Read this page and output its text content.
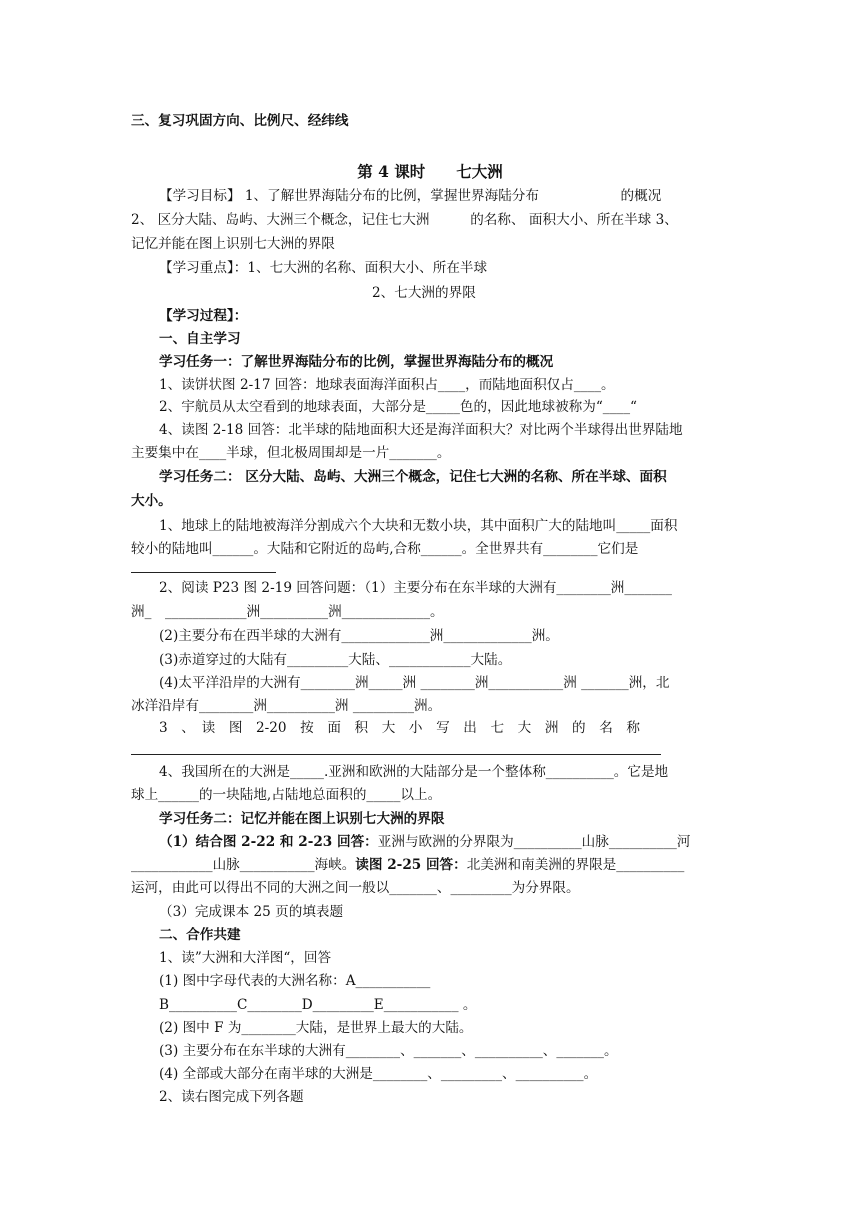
三、复习巩固方向、比例尺、经纬线
第 4 课时　　七大洲
【学习目标】 1、了解世界海陆分布的比例，掌握世界海陆分布　　　　　　的概况
2、 区分大陆、岛屿、大洲三个概念，记住七大洲　　　的名称、 面积大小、所在半球 3、
记忆并能在图上识别七大洲的界限
【学习重点】：1、七大洲的名称、面积大小、所在半球
2、七大洲的界限
【学习过程】：
一、自主学习
学习任务一：了解世界海陆分布的比例，掌握世界海陆分布的概况
1、读饼状图 2-17 回答：地球表面海洋面积占____，而陆地面积仅占____。
2、宇航员从太空看到的地球表面，大部分是_____色的，因此地球被称为“____“
4、读图 2-18 回答：北半球的陆地面积大还是海洋面积大？对比两个半球得出世界陆地
主要集中在____半球，但北极周围却是一片_______。
学习任务二： 区分大陆、岛屿、大洲三个概念，记住七大洲的名称、所在半球、面积
大小。
1、地球上的陆地被海洋分割成六个大块和无数小块，其中面积广大的陆地叫_____面积
较小的陆地叫______。大陆和它附近的岛屿,合称______。全世界共有________它们是
2、阅读 P23 图 2-19 回答问题：（1）主要分布在东半球的大洲有________洲_______
洲_　____________洲__________洲_____________。
(2)主要分布在西半球的大洲有_____________洲_____________洲。
(3)赤道穿过的大陆有_________大陆、____________大陆。
(4)太平洋沿岸的大洲有________洲_____洲 ________洲___________洲 _______洲，北
冰洋沿岸有________洲__________洲 _________洲。
3　、　读　图　2-20　按　面　积　大　小　写　出　七　大　洲　的　名　称
4、我国所在的大洲是_____.亚洲和欧洲的大陆部分是一个整体称__________。它是地
球上______的一块陆地,占陆地总面积的_____以上。
学习任务二：记忆并能在图上识别七大洲的界限
（1）结合图 2-22 和 2-23 回答：亚洲与欧洲的分界限为__________山脉__________河
____________山脉___________海峡。读图 2-25 回答：北美洲和南美洲的界限是__________
运河，由此可以得出不同的大洲之间一般以_______、_________为分界限。
（3）完成课本 25 页的填表题
二、合作共建
1、读”大洲和大洋图“，回答
(1) 图中字母代表的大洲名称：A___________
B__________C________D_________E___________ 。
(2) 图中 F 为________大陆，是世界上最大的大陆。
(3) 主要分布在东半球的大洲有________、_______、__________、_______。
(4) 全部或大部分在南半球的大洲是________、_________、__________。
2、读右图完成下列各题
